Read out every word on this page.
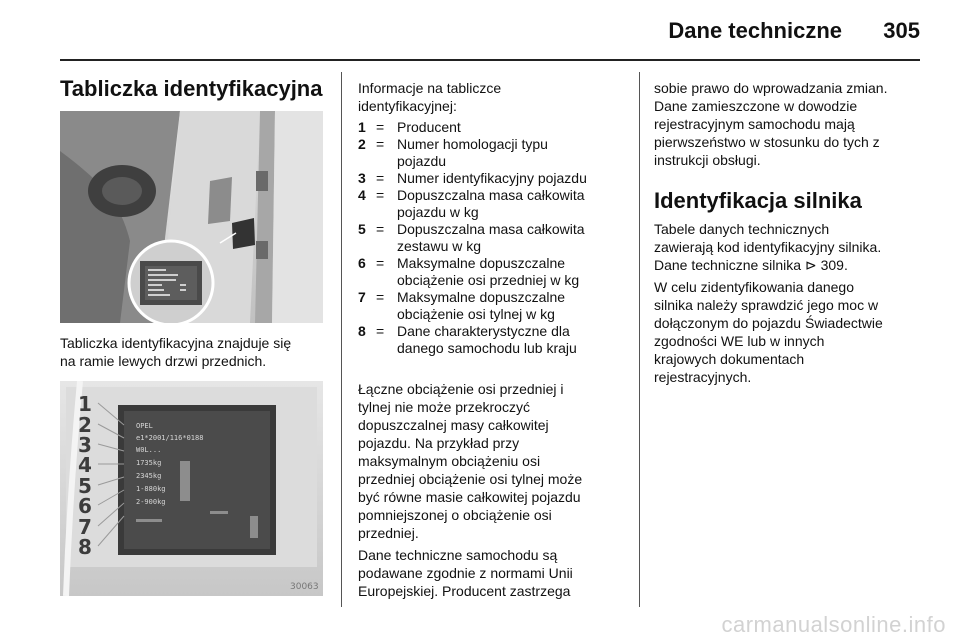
Dane techniczne 305
Tabliczka identyfikacyjna
Tabliczka identyfikacyjna znajduje się
na ramie lewych drzwi przednich.
1
2
3
4
5
6
7
8
OPEL
e1*2001/116*0188
W0L...
1735kg
2345kg
1-880kg
2-900kg
30063
Informacje na tabliczce
identyfikacyjnej:
1 = Producent
2 = Numer homologacji typu
pojazdu
3 = Numer identyfikacyjny pojazdu
4 = Dopuszczalna masa całkowita
pojazdu w kg
5 = Dopuszczalna masa całkowita
zestawu w kg
6 = Maksymalne dopuszczalne
obciążenie osi przedniej w kg
7 = Maksymalne dopuszczalne
obciążenie osi tylnej w kg
8 = Dane charakterystyczne dla
danego samochodu lub kraju
Łączne obciążenie osi przedniej i
tylnej nie może przekroczyć
dopuszczalnej masy całkowitej
pojazdu. Na przykład przy
maksymalnym obciążeniu osi
przedniej obciążenie osi tylnej może
być równe masie całkowitej pojazdu
pomniejszonej o obciążenie osi
przedniej.
Dane techniczne samochodu są
podawane zgodnie z normami Unii
Europejskiej. Producent zastrzega
sobie prawo do wprowadzania zmian.
Dane zamieszczone w dowodzie
rejestracyjnym samochodu mają
pierwszeństwo w stosunku do tych z
instrukcji obsługi.
Identyfikacja silnika
Tabele danych technicznych
zawierają kod identyfikacyjny silnika.
Dane techniczne silnika ⊳ 309.
W celu zidentyfikowania danego
silnika należy sprawdzić jego moc w
dołączonym do pojazdu Świadectwie
zgodności WE lub w innych
krajowych dokumentach
rejestracyjnych.
carmanualsonline.info
